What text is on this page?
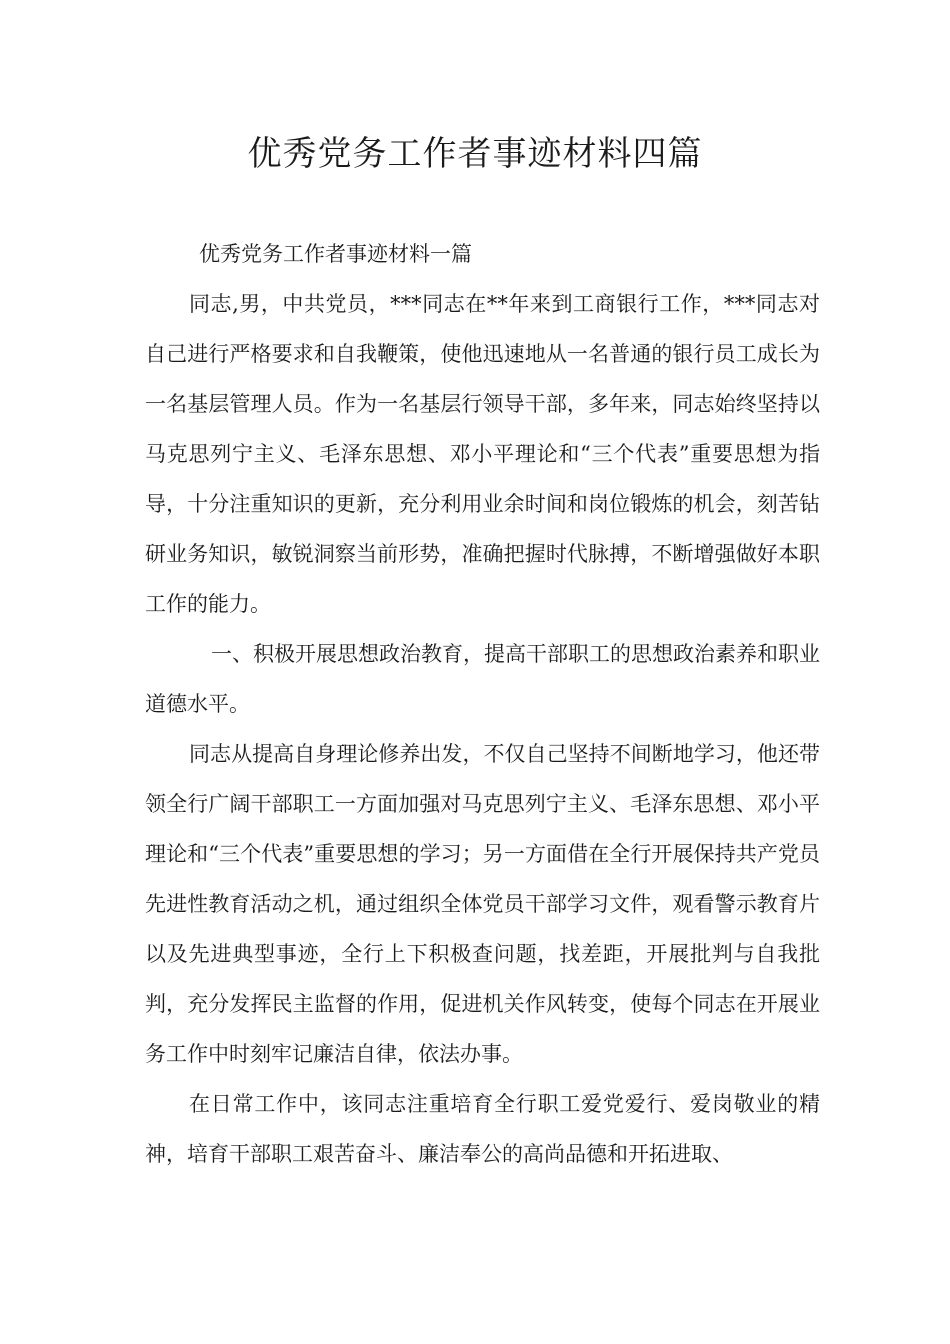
优秀党务工作者事迹材料四篇

优秀党务工作者事迹材料一篇

同志,男，中共党员，***同志在**年来到工商银行工作，***同志对自己进行严格要求和自我鞭策，使他迅速地从一名普通的银行员工成长为一名基层管理人员。作为一名基层行领导干部，多年来，同志始终坚持以马克思列宁主义、毛泽东思想、邓小平理论和“三个代表”重要思想为指导，十分注重知识的更新，充分利用业余时间和岗位锻炼的机会，刻苦钻研业务知识，敏锐洞察当前形势，准确把握时代脉搏，不断增强做好本职工作的能力。

一、积极开展思想政治教育，提高干部职工的思想政治素养和职业道德水平。

同志从提高自身理论修养出发，不仅自己坚持不间断地学习，他还带领全行广阔干部职工一方面加强对马克思列宁主义、毛泽东思想、邓小平理论和“三个代表”重要思想的学习；另一方面借在全行开展保持共产党员先进性教育活动之机，通过组织全体党员干部学习文件，观看警示教育片以及先进典型事迹，全行上下积极查问题，找差距，开展批判与自我批判，充分发挥民主监督的作用，促进机关作风转变，使每个同志在开展业务工作中时刻牢记廉洁自律，依法办事。

在日常工作中，该同志注重培育全行职工爱党爱行、爱岗敬业的精神，培育干部职工艰苦奋斗、廉洁奉公的高尚品德和开拓进取、
